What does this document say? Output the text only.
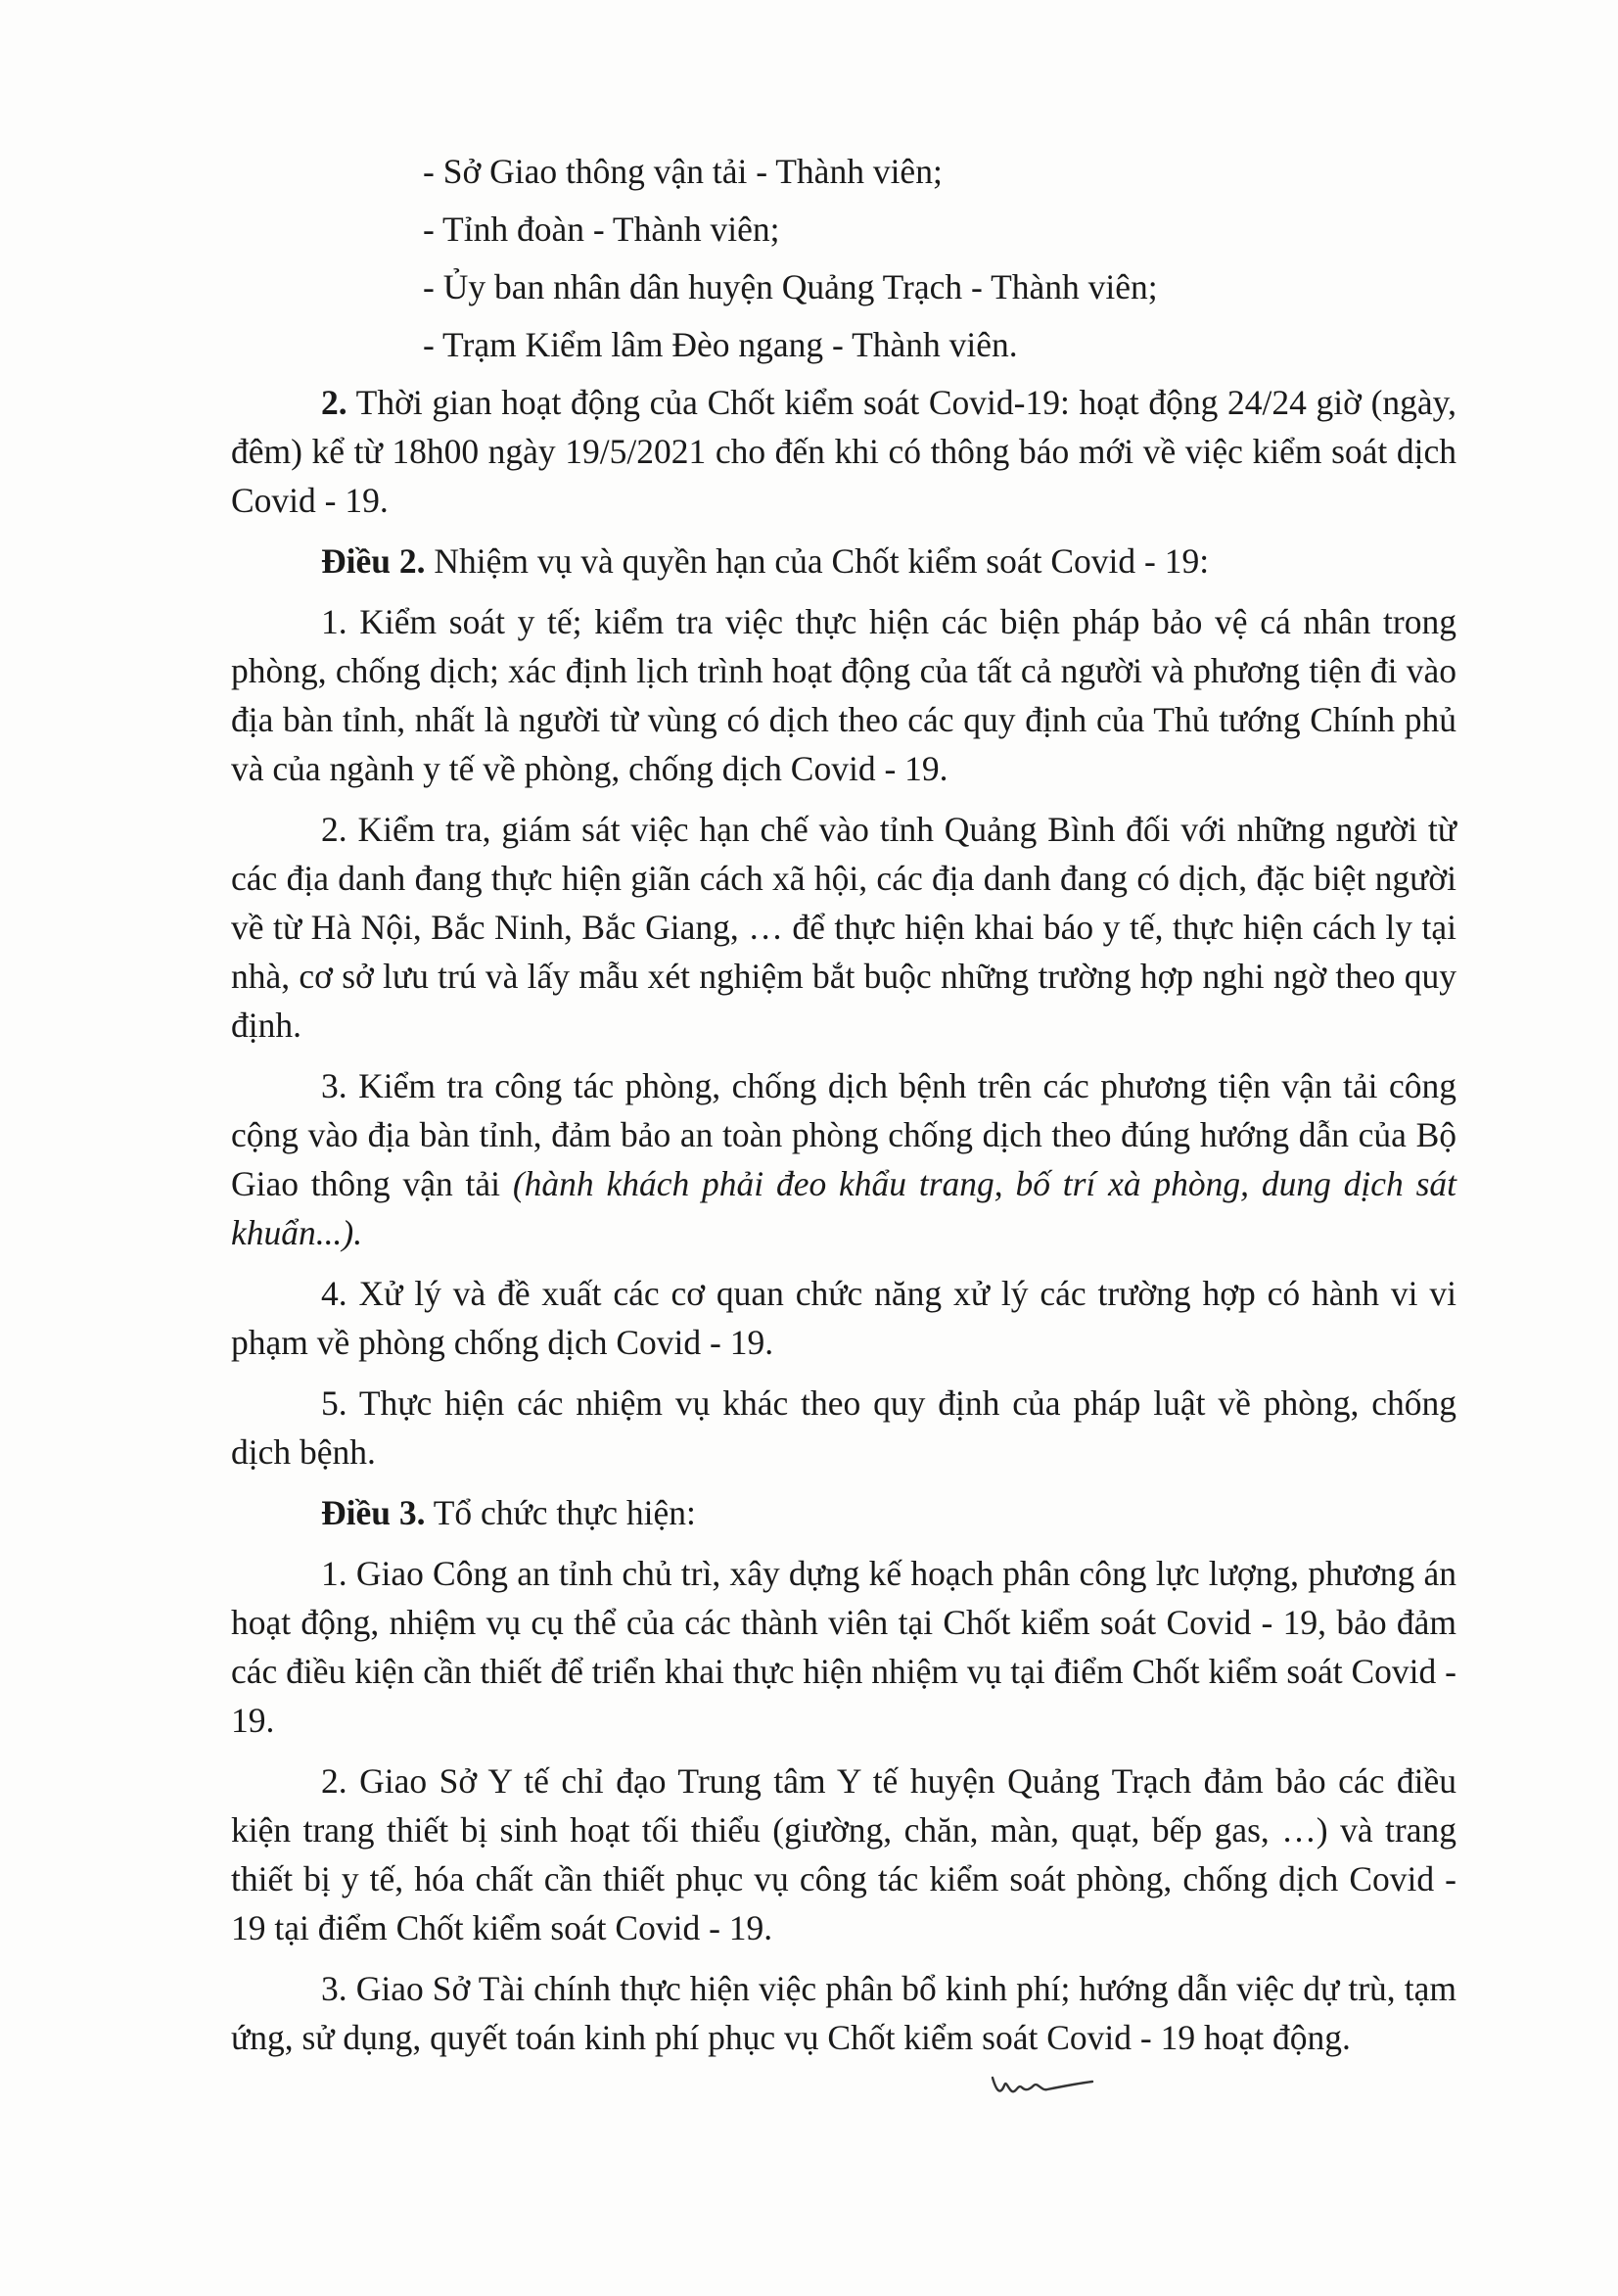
- Sở Giao thông vận tải - Thành viên;
- Tỉnh đoàn - Thành viên;
- Ủy ban nhân dân huyện Quảng Trạch - Thành viên;
- Trạm Kiểm lâm Đèo ngang - Thành viên.
2. Thời gian hoạt động của Chốt kiểm soát Covid-19: hoạt động 24/24 giờ (ngày, đêm) kể từ 18h00 ngày 19/5/2021 cho đến khi có thông báo mới về việc kiểm soát dịch Covid - 19.
Điều 2. Nhiệm vụ và quyền hạn của Chốt kiểm soát Covid - 19:
1. Kiểm soát y tế; kiểm tra việc thực hiện các biện pháp bảo vệ cá nhân trong phòng, chống dịch; xác định lịch trình hoạt động của tất cả người và phương tiện đi vào địa bàn tỉnh, nhất là người từ vùng có dịch theo các quy định của Thủ tướng Chính phủ và của ngành y tế về phòng, chống dịch Covid - 19.
2. Kiểm tra, giám sát việc hạn chế vào tỉnh Quảng Bình đối với những người từ các địa danh đang thực hiện giãn cách xã hội, các địa danh đang có dịch, đặc biệt người về từ Hà Nội, Bắc Ninh, Bắc Giang, … để thực hiện khai báo y tế, thực hiện cách ly tại nhà, cơ sở lưu trú và lấy mẫu xét nghiệm bắt buộc những trường hợp nghi ngờ theo quy định.
3. Kiểm tra công tác phòng, chống dịch bệnh trên các phương tiện vận tải công cộng vào địa bàn tỉnh, đảm bảo an toàn phòng chống dịch theo đúng hướng dẫn của Bộ Giao thông vận tải (hành khách phải đeo khẩu trang, bố trí xà phòng, dung dịch sát khuẩn...).
4. Xử lý và đề xuất các cơ quan chức năng xử lý các trường hợp có hành vi vi phạm về phòng chống dịch Covid - 19.
5. Thực hiện các nhiệm vụ khác theo quy định của pháp luật về phòng, chống dịch bệnh.
Điều 3. Tổ chức thực hiện:
1. Giao Công an tỉnh chủ trì, xây dựng kế hoạch phân công lực lượng, phương án hoạt động, nhiệm vụ cụ thể của các thành viên tại Chốt kiểm soát Covid - 19, bảo đảm các điều kiện cần thiết để triển khai thực hiện nhiệm vụ tại điểm Chốt kiểm soát Covid - 19.
2. Giao Sở Y tế chỉ đạo Trung tâm Y tế huyện Quảng Trạch đảm bảo các điều kiện trang thiết bị sinh hoạt tối thiểu (giường, chăn, màn, quạt, bếp gas, …) và trang thiết bị y tế, hóa chất cần thiết phục vụ công tác kiểm soát phòng, chống dịch Covid - 19 tại điểm Chốt kiểm soát Covid - 19.
3. Giao Sở Tài chính thực hiện việc phân bổ kinh phí; hướng dẫn việc dự trù, tạm ứng, sử dụng, quyết toán kinh phí phục vụ Chốt kiểm soát Covid - 19 hoạt động.
